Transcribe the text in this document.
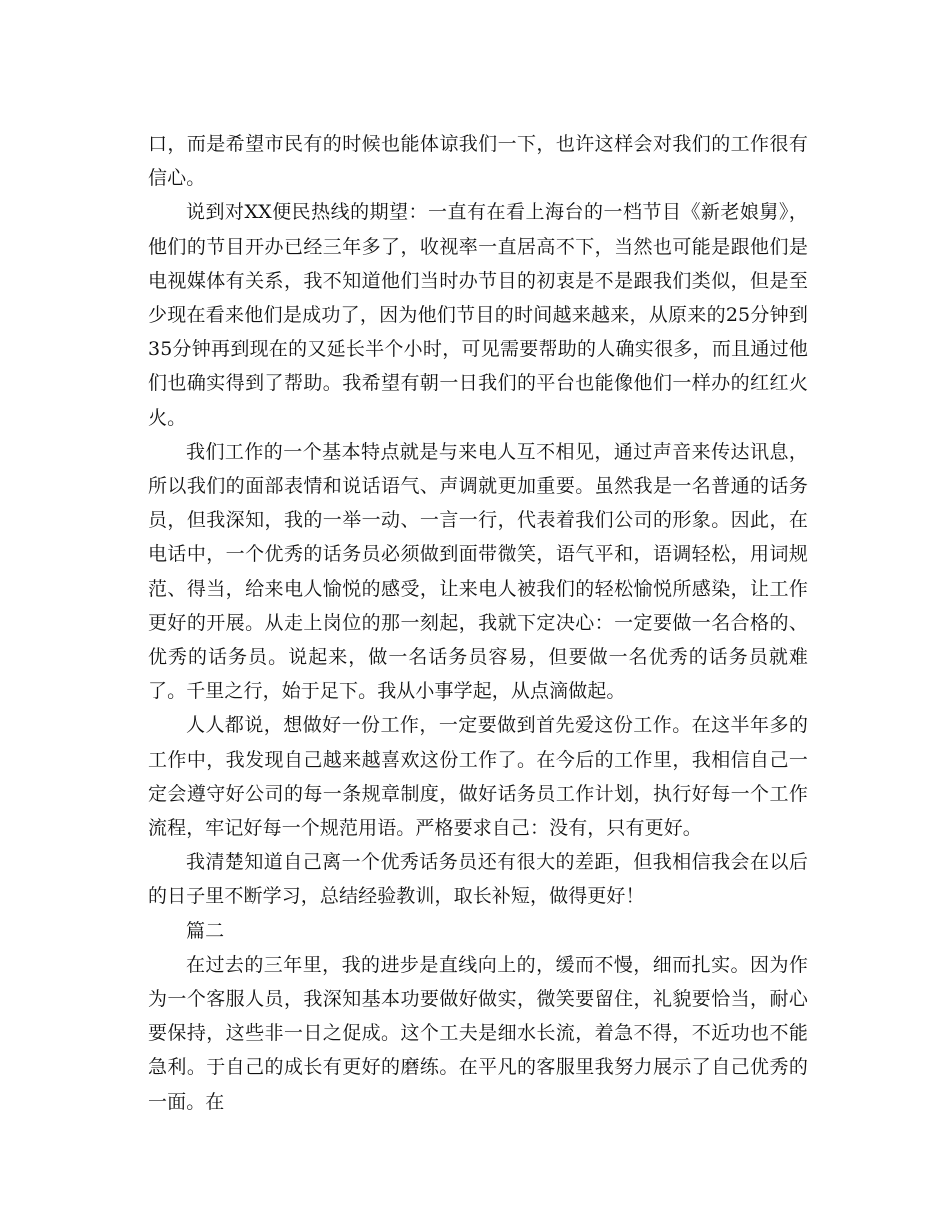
口，而是希望市民有的时候也能体谅我们一下，也许这样会对我们的工作很有信心。

说到对XX便民热线的期望：一直有在看上海台的一档节目《新老娘舅》，他们的节目开办已经三年多了，收视率一直居高不下，当然也可能是跟他们是电视媒体有关系，我不知道他们当时办节目的初衷是不是跟我们类似，但是至少现在看来他们是成功了，因为他们节目的时间越来越来，从原来的25分钟到35分钟再到现在的又延长半个小时，可见需要帮助的人确实很多，而且通过他们也确实得到了帮助。我希望有朝一日我们的平台也能像他们一样办的红红火火。

我们工作的一个基本特点就是与来电人互不相见，通过声音来传达讯息，所以我们的面部表情和说话语气、声调就更加重要。虽然我是一名普通的话务员，但我深知，我的一举一动、一言一行，代表着我们公司的形象。因此，在电话中，一个优秀的话务员必须做到面带微笑，语气平和，语调轻松，用词规范、得当，给来电人愉悦的感受，让来电人被我们的轻松愉悦所感染，让工作更好的开展。从走上岗位的那一刻起，我就下定决心：一定要做一名合格的、优秀的话务员。说起来，做一名话务员容易，但要做一名优秀的话务员就难了。千里之行，始于足下。我从小事学起，从点滴做起。

人人都说，想做好一份工作，一定要做到首先爱这份工作。在这半年多的工作中，我发现自己越来越喜欢这份工作了。在今后的工作里，我相信自己一定会遵守好公司的每一条规章制度，做好话务员工作计划，执行好每一个工作流程，牢记好每一个规范用语。严格要求自己：没有，只有更好。

我清楚知道自己离一个优秀话务员还有很大的差距，但我相信我会在以后的日子里不断学习，总结经验教训，取长补短，做得更好！

篇二

在过去的三年里，我的进步是直线向上的，缓而不慢，细而扎实。因为作为一个客服人员，我深知基本功要做好做实，微笑要留住，礼貌要恰当，耐心要保持，这些非一日之促成。这个工夫是细水长流，着急不得，不近功也不能急利。于自己的成长有更好的磨练。在平凡的客服里我努力展示了自己优秀的一面。在
